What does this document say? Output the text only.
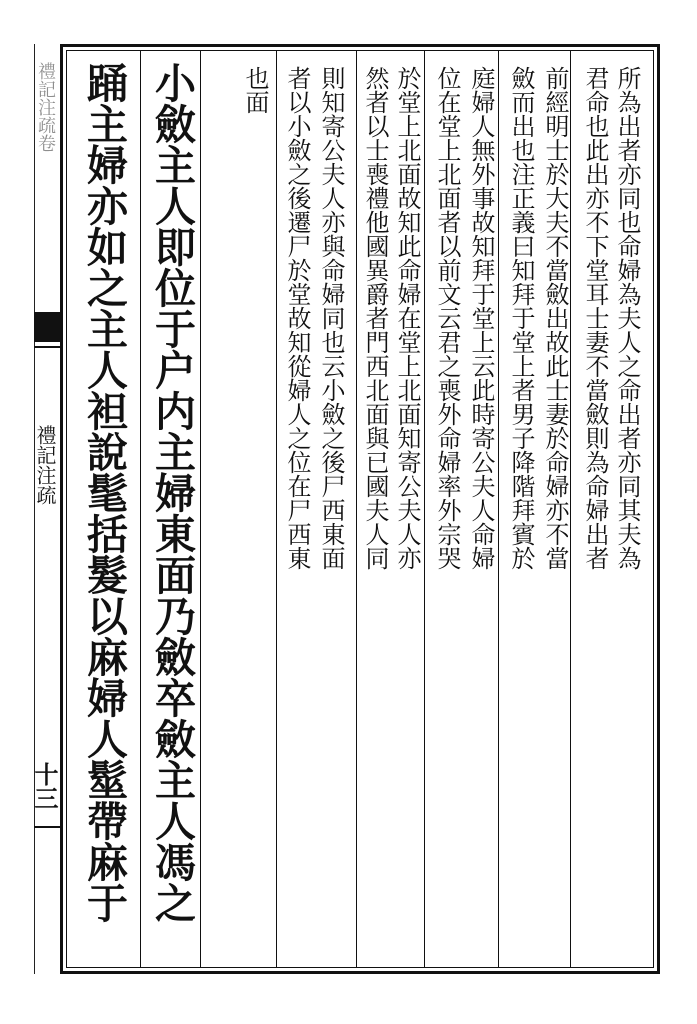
禮記注疏卷
禮記注疏
十三
所為出者亦同也命婦為夫人之命出者亦同其夫為
君命也此出亦不下堂耳士妻不當斂則為命婦出者
前經明士於大夫不當斂出故此士妻於命婦亦不當
斂而出也注正義曰知拜于堂上者男子降階拜賓於
庭婦人無外事故知拜于堂上云此時寄公夫人命婦
位在堂上北面者以前文云君之喪外命婦率外宗哭
於堂上北面故知此命婦在堂上北面知寄公夫人亦
然者以士喪禮他國異爵者門西北面與已國夫人同
則知寄公夫人亦與命婦同也云小斂之後尸西東面
者以小斂之後遷尸於堂故知從婦人之位在尸西東
也面
小斂主人即位于户内主婦東面乃斂卒斂主人馮之
踊主婦亦如之主人袒說髦括髮以麻婦人髽帶麻于
